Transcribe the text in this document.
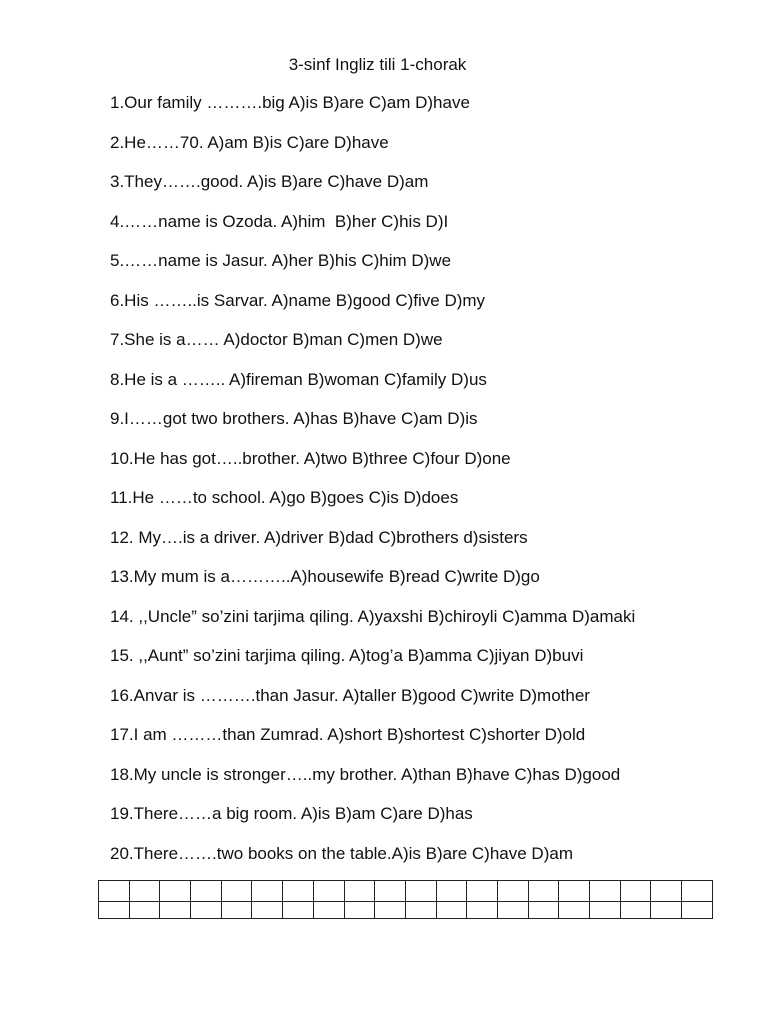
3-sinf Ingliz tili 1-chorak
1.Our family ……….big A)is B)are C)am D)have
2.He……70. A)am B)is C)are D)have
3.They…….good. A)is B)are C)have D)am
4.……name is Ozoda. A)him  B)her C)his D)I
5.……name is Jasur. A)her B)his C)him D)we
6.His ……..is Sarvar. A)name B)good C)five D)my
7.She is a…… A)doctor B)man C)men D)we
8.He is a …….. A)fireman B)woman C)family D)us
9.I……got two brothers. A)has B)have C)am D)is
10.He has got…..brother. A)two B)three C)four D)one
11.He ……to school. A)go B)goes C)is D)does
12. My….is a driver. A)driver B)dad C)brothers d)sisters
13.My mum is a………..A)housewife B)read C)write D)go
14. ,,Uncle” so’zini tarjima qiling. A)yaxshi B)chiroyli C)amma D)amaki
15. ,,Aunt” so’zini tarjima qiling. A)tog’a B)amma C)jiyan D)buvi
16.Anvar is ……….than Jasur. A)taller B)good C)write D)mother
17.I am ………than Zumrad. A)short B)shortest C)shorter D)old
18.My uncle is stronger…..my brother. A)than B)have C)has D)good
19.There……a big room. A)is B)am C)are D)has
20.There…….two books on the table.A)is B)are C)have D)am
